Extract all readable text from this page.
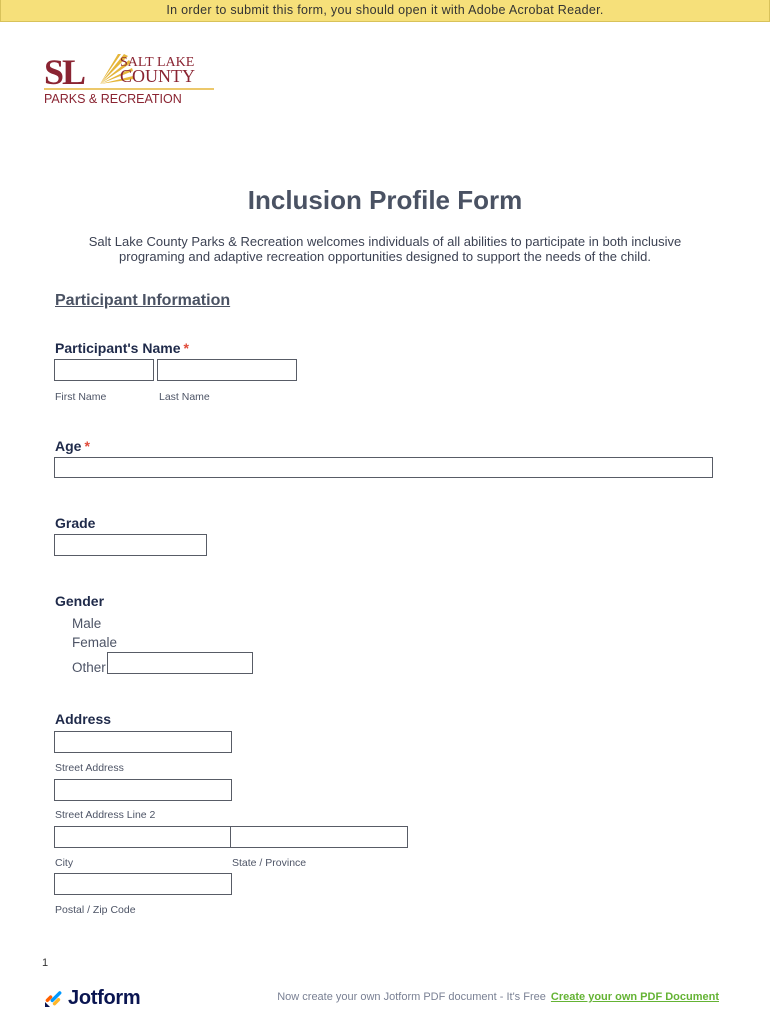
In order to submit this form, you should open it with Adobe Acrobat Reader.
SL	SALT LAKE
COUNTY
PARKS & RECREATION
Inclusion Profile Form
Salt Lake County Parks & Recreation welcomes individuals of all abilities to participate in both inclusive programing and adaptive recreation opportunities designed to support the needs of the child.
Participant Information
Participant's Name *
First Name	Last Name
Age *
Grade
Gender
Male
Female
Other
Address
Street Address
Street Address Line 2
City	State / Province
Postal / Zip Code
1
Jotform	Now create your own Jotform PDF document - It's Free Create your own PDF Document
